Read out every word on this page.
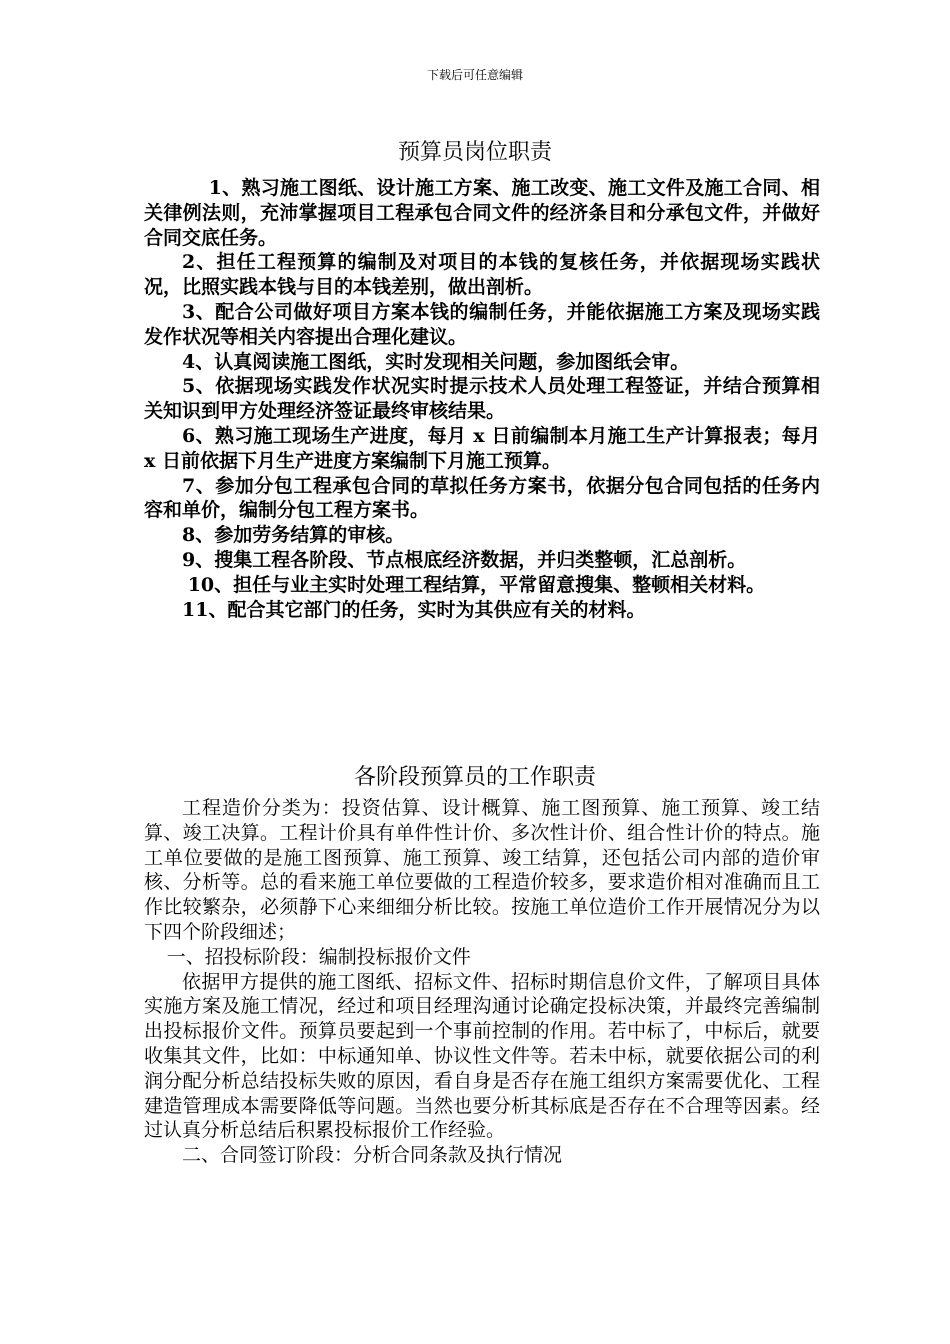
下载后可任意编辑
预算员岗位职责

1、熟习施工图纸、设计施工方案、施工改变、施工文件及施工合同、相关律例法则，充沛掌握项目工程承包合同文件的经济条目和分承包文件，并做好合同交底任务。

2、担任工程预算的编制及对项目的本钱的复核任务，并依据现场实践状况，比照实践本钱与目的本钱差别，做出剖析。

3、配合公司做好项目方案本钱的编制任务，并能依据施工方案及现场实践发作状况等相关内容提出合理化建议。

4、认真阅读施工图纸，实时发现相关问题，参加图纸会审。

5、依据现场实践发作状况实时提示技术人员处理工程签证，并结合预算相关知识到甲方处理经济签证最终审核结果。

6、熟习施工现场生产进度，每月 x 日前编制本月施工生产计算报表；每月 x 日前依据下月生产进度方案编制下月施工预算。

7、参加分包工程承包合同的草拟任务方案书，依据分包合同包括的任务内容和单价，编制分包工程方案书。

8、参加劳务结算的审核。

9、搜集工程各阶段、节点根底经济数据，并归类整顿，汇总剖析。

10、担任与业主实时处理工程结算，平常留意搜集、整顿相关材料。

11、配合其它部门的任务，实时为其供应有关的材料。

各阶段预算员的工作职责

工程造价分类为：投资估算、设计概算、施工图预算、施工预算、竣工结算、竣工决算。工程计价具有单件性计价、多次性计价、组合性计价的特点。施工单位要做的是施工图预算、施工预算、竣工结算，还包括公司内部的造价审核、分析等。总的看来施工单位要做的工程造价较多，要求造价相对准确而且工作比较繁杂，必须静下心来细细分析比较。按施工单位造价工作开展情况分为以下四个阶段细述；

一、招投标阶段：编制投标报价文件

依据甲方提供的施工图纸、招标文件、招标时期信息价文件，了解项目具体实施方案及施工情况，经过和项目经理沟通讨论确定投标决策，并最终完善编制出投标报价文件。预算员要起到一个事前控制的作用。若中标了，中标后，就要收集其文件，比如：中标通知单、协议性文件等。若未中标，就要依据公司的利润分配分析总结投标失败的原因，看自身是否存在施工组织方案需要优化、工程建造管理成本需要降低等问题。当然也要分析其标底是否存在不合理等因素。经过认真分析总结后积累投标报价工作经验。

二、合同签订阶段：分析合同条款及执行情况
